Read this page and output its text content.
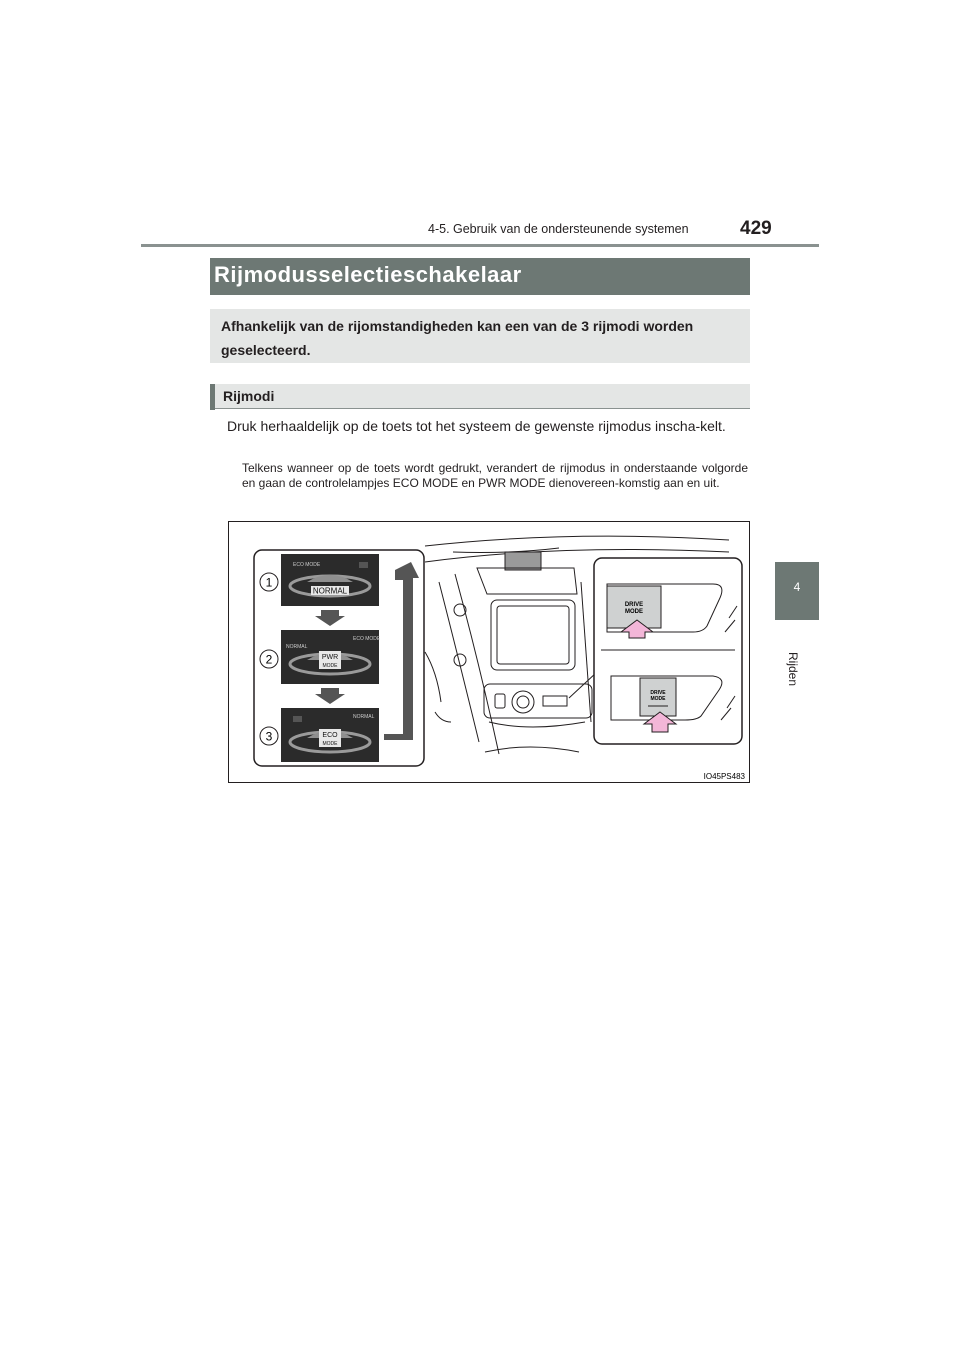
4-5. Gebruik van de ondersteunende systemen	429
4
Rijden
Rijmodusselectieschakelaar
Afhankelijk van de rijomstandigheden kan een van de 3 rijmodi worden geselecteerd.
Rijmodi
Druk herhaaldelijk op de toets tot het systeem de gewenste rijmodus inscha-kelt.
Telkens wanneer op de toets wordt gedrukt, verandert de rijmodus in onderstaande volgorde en gaan de controlelampjes ECO MODE en PWR MODE dienovereen-komstig aan en uit.
NORMAL
ECO MODE
PWR
MODE
NORMAL
ECO MODE
ECO
MODE
NORMAL
1
2
3
DRIVE
MODE
DRIVE
MODE
IO45PS483
